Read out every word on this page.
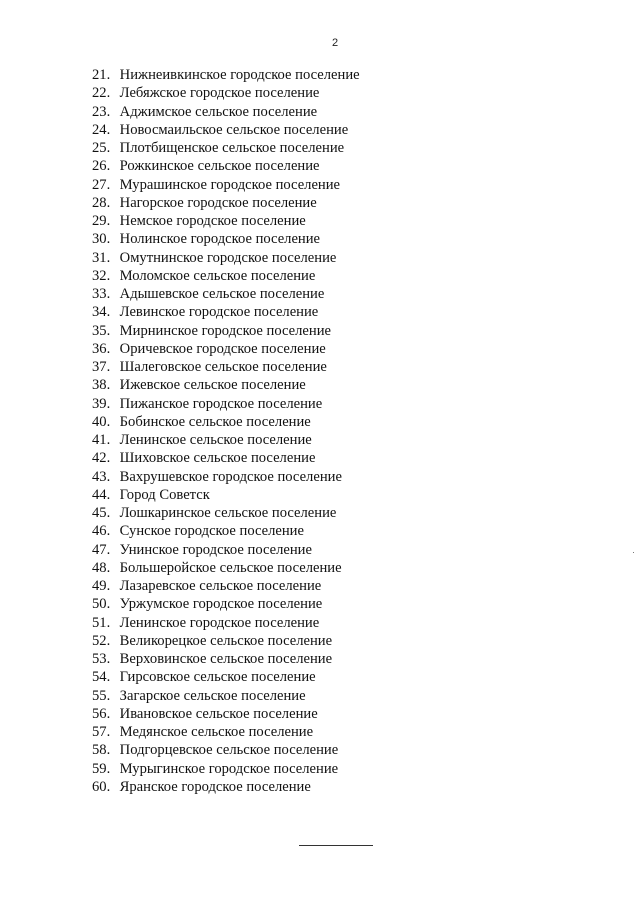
2
21. Нижнеивкинское городское поселение
22. Лебяжское городское поселение
23. Аджимское сельское поселение
24. Новосмаильское сельское поселение
25. Плотбищенское сельское поселение
26. Рожкинское сельское поселение
27. Мурашинское городское поселение
28. Нагорское городское поселение
29. Немское городское поселение
30. Нолинское городское поселение
31. Омутнинское городское поселение
32. Моломское сельское поселение
33. Адышевское сельское поселение
34. Левинское городское поселение
35. Мирнинское городское поселение
36. Оричевское городское поселение
37. Шалеговское сельское поселение
38. Ижевское сельское поселение
39. Пижанское городское поселение
40. Бобинское сельское поселение
41. Ленинское сельское поселение
42. Шиховское сельское поселение
43. Вахрушевское городское поселение
44. Город Советск
45. Лошкаринское сельское поселение
46. Сунское городское поселение
47. Унинское городское поселение
48. Большеройское сельское поселение
49. Лазаревское сельское поселение
50. Уржумское городское поселение
51. Ленинское городское поселение
52. Великорецкое сельское поселение
53. Верховинское сельское поселение
54. Гирсовское сельское поселение
55. Загарское сельское поселение
56. Ивановское сельское поселение
57. Медянское сельское поселение
58. Подгорцевское сельское поселение
59. Мурыгинское городское поселение
60. Яранское городское поселение
